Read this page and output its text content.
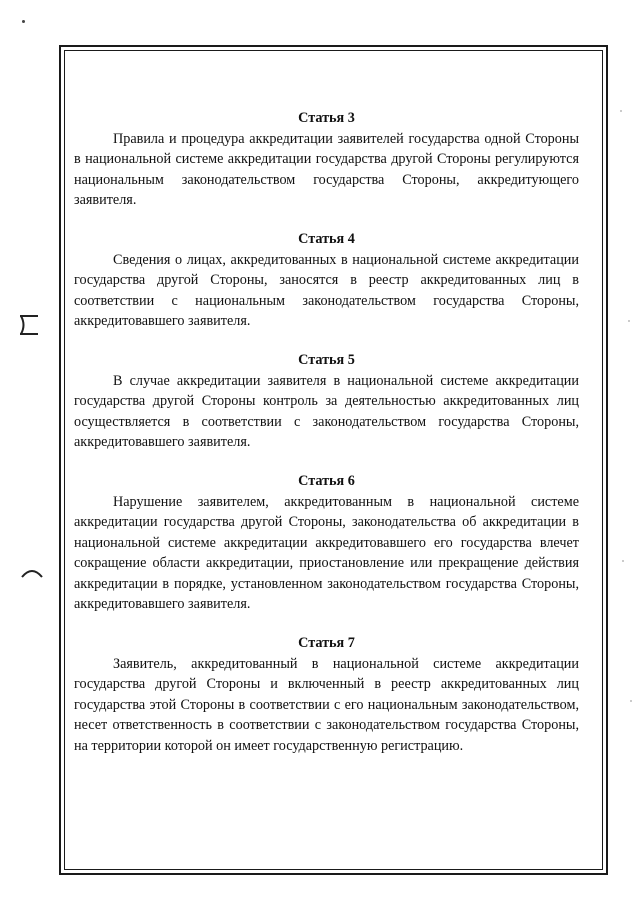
Статья 3

Правила и процедура аккредитации заявителей государства одной Стороны в национальной системе аккредитации государства другой Стороны регулируются национальным законодательством государства Стороны, аккредитующего заявителя.

Статья 4

Сведения о лицах, аккредитованных в национальной системе аккредитации государства другой Стороны, заносятся в реестр аккредитованных лиц в соответствии с национальным законодательством государства Стороны, аккредитовавшего заявителя.

Статья 5

В случае аккредитации заявителя в национальной системе аккредитации государства другой Стороны контроль за деятельностью аккредитованных лиц осуществляется в соответствии с законодательством государства Стороны, аккредитовавшего заявителя.

Статья 6

Нарушение заявителем, аккредитованным в национальной системе аккредитации государства другой Стороны, законодательства об аккредитации в национальной системе аккредитации аккредитовавшего его государства влечет сокращение области аккредитации, приостановление или прекращение действия аккредитации в порядке, установленном законодательством государства Стороны, аккредитовавшего заявителя.

Статья 7

Заявитель, аккредитованный в национальной системе аккредитации государства другой Стороны и включенный в реестр аккредитованных лиц государства этой Стороны в соответствии с его национальным законодательством, несет ответственность в соответствии с законодательством государства Стороны, на территории которой он имеет государственную регистрацию.
